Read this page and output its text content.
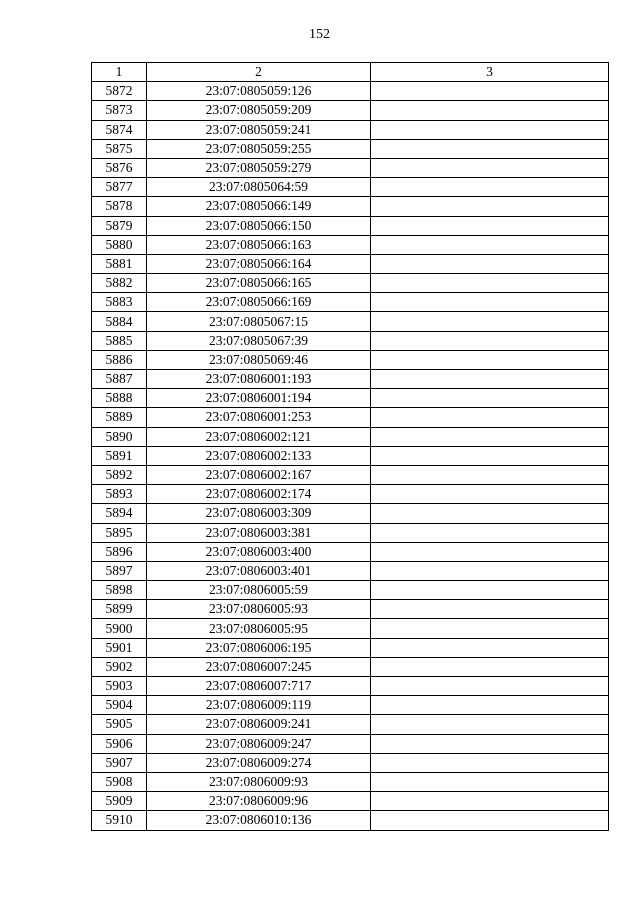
152
1	2	3
5872	23:07:0805059:126	
5873	23:07:0805059:209	
5874	23:07:0805059:241	
5875	23:07:0805059:255	
5876	23:07:0805059:279	
5877	23:07:0805064:59	
5878	23:07:0805066:149	
5879	23:07:0805066:150	
5880	23:07:0805066:163	
5881	23:07:0805066:164	
5882	23:07:0805066:165	
5883	23:07:0805066:169	
5884	23:07:0805067:15	
5885	23:07:0805067:39	
5886	23:07:0805069:46	
5887	23:07:0806001:193	
5888	23:07:0806001:194	
5889	23:07:0806001:253	
5890	23:07:0806002:121	
5891	23:07:0806002:133	
5892	23:07:0806002:167	
5893	23:07:0806002:174	
5894	23:07:0806003:309	
5895	23:07:0806003:381	
5896	23:07:0806003:400	
5897	23:07:0806003:401	
5898	23:07:0806005:59	
5899	23:07:0806005:93	
5900	23:07:0806005:95	
5901	23:07:0806006:195	
5902	23:07:0806007:245	
5903	23:07:0806007:717	
5904	23:07:0806009:119	
5905	23:07:0806009:241	
5906	23:07:0806009:247	
5907	23:07:0806009:274	
5908	23:07:0806009:93	
5909	23:07:0806009:96	
5910	23:07:0806010:136	
